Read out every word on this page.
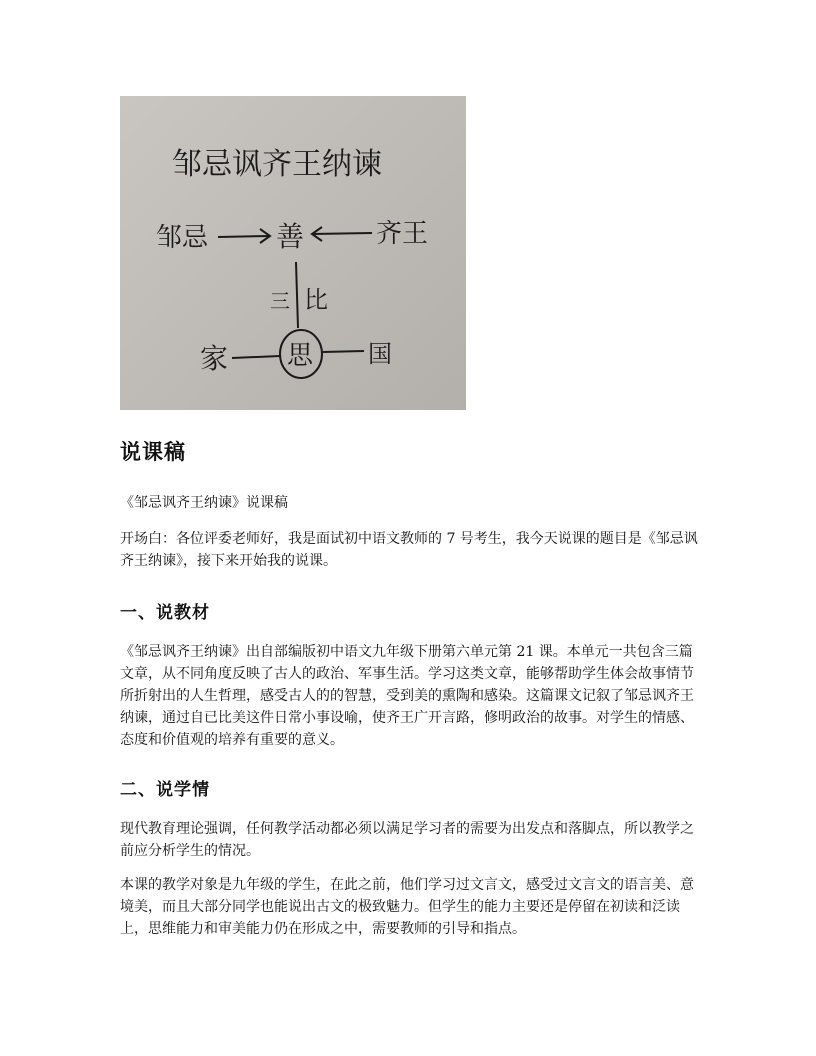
邹忌讽齐王纳谏
邹忌 善	齐王
三 比
家 思 国
说课稿

《邹忌讽齐王纳谏》说课稿

开场白：各位评委老师好，我是面试初中语文教师的 7 号考生，我今天说课的题目是《邹忌讽齐王纳谏》，接下来开始我的说课。

一、说教材

《邹忌讽齐王纳谏》出自部编版初中语文九年级下册第六单元第 21 课。本单元一共包含三篇文章，从不同角度反映了古人的政治、军事生活。学习这类文章，能够帮助学生体会故事情节所折射出的人生哲理，感受古人的的智慧，受到美的熏陶和感染。这篇课文记叙了邹忌讽齐王纳谏，通过自已比美这件日常小事设喻，使齐王广开言路，修明政治的故事。对学生的情感、态度和价值观的培养有重要的意义。

二、说学情

现代教育理论强调，任何教学活动都必须以满足学习者的需要为出发点和落脚点，所以教学之前应分析学生的情况。

本课的教学对象是九年级的学生，在此之前，他们学习过文言文，感受过文言文的语言美、意境美，而且大部分同学也能说出古文的极致魅力。但学生的能力主要还是停留在初读和泛读上，思维能力和审美能力仍在形成之中，需要教师的引导和指点。
